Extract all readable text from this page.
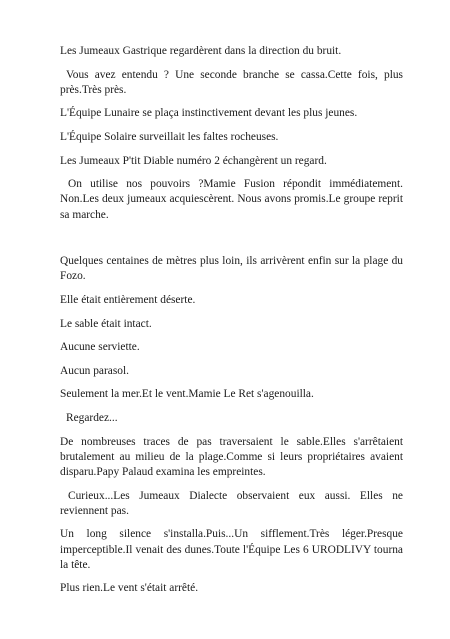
Les Jumeaux Gastrique regardèrent dans la direction du bruit.

Vous avez entendu ? Une seconde branche se cassa.Cette fois, plus près.Très près.

L'Équipe Lunaire se plaça instinctivement devant les plus jeunes.

L'Équipe Solaire surveillait les faltes rocheuses.

Les Jumeaux P'tit Diable numéro 2 échangèrent un regard.

On utilise nos pouvoirs ?Mamie Fusion répondit immédiatement. Non.Les deux jumeaux acquiescèrent. Nous avons promis.Le groupe reprit sa marche.

Quelques centaines de mètres plus loin, ils arrivèrent enfin sur la plage du Fozo.

Elle était entièrement déserte.

Le sable était intact.

Aucune serviette.

Aucun parasol.

Seulement la mer.Et le vent.Mamie Le Ret s'agenouilla.

Regardez...

De nombreuses traces de pas traversaient le sable.Elles s'arrêtaient brutalement au milieu de la plage.Comme si leurs propriétaires avaient disparu.Papy Palaud examina les empreintes.

Curieux...Les Jumeaux Dialecte observaient eux aussi. Elles ne reviennent pas.

Un long silence s'installa.Puis...Un sifflement.Très léger.Presque imperceptible.Il venait des dunes.Toute l'Équipe Les 6 URODLIVY tourna la tête.

Plus rien.Le vent s'était arrêté.
